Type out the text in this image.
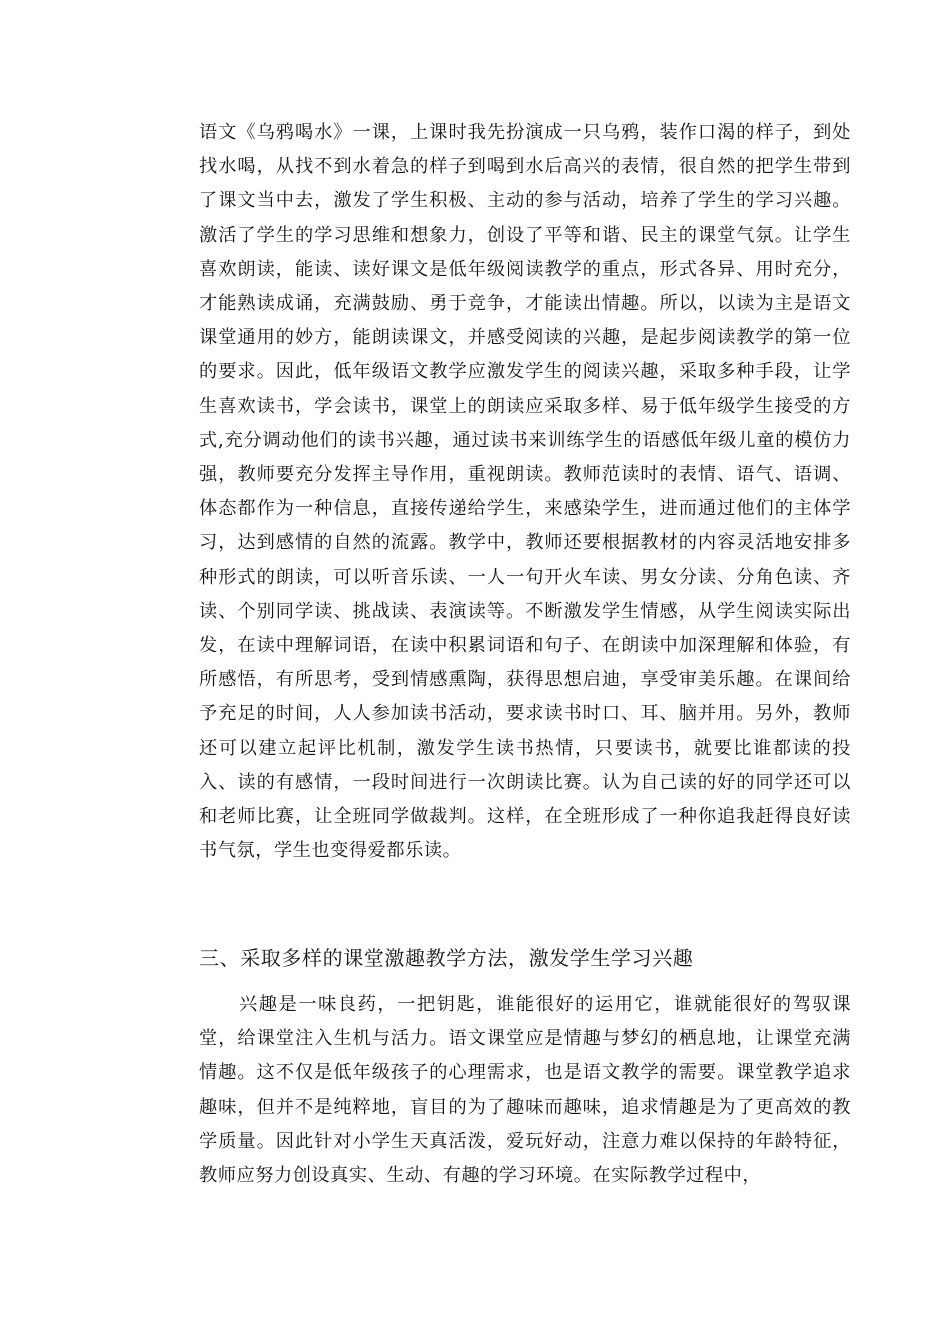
语文《乌鸦喝水》一课，上课时我先扮演成一只乌鸦，装作口渴的样子，到处找水喝，从找不到水着急的样子到喝到水后高兴的表情，很自然的把学生带到了课文当中去，激发了学生积极、主动的参与活动，培养了学生的学习兴趣。激活了学生的学习思维和想象力，创设了平等和谐、民主的课堂气氛。让学生喜欢朗读，能读、读好课文是低年级阅读教学的重点，形式各异、用时充分，才能熟读成诵，充满鼓励、勇于竞争，才能读出情趣。所以，以读为主是语文课堂通用的妙方，能朗读课文，并感受阅读的兴趣，是起步阅读教学的第一位的要求。因此，低年级语文教学应激发学生的阅读兴趣，采取多种手段，让学生喜欢读书，学会读书，课堂上的朗读应采取多样、易于低年级学生接受的方式,充分调动他们的读书兴趣，通过读书来训练学生的语感低年级儿童的模仿力强，教师要充分发挥主导作用，重视朗读。教师范读时的表情、语气、语调、体态都作为一种信息，直接传递给学生，来感染学生，进而通过他们的主体学习，达到感情的自然的流露。教学中，教师还要根据教材的内容灵活地安排多种形式的朗读，可以听音乐读、一人一句开火车读、男女分读、分角色读、齐读、个别同学读、挑战读、表演读等。不断激发学生情感，从学生阅读实际出发，在读中理解词语，在读中积累词语和句子、在朗读中加深理解和体验，有所感悟，有所思考，受到情感熏陶，获得思想启迪，享受审美乐趣。在课间给予充足的时间，人人参加读书活动，要求读书时口、耳、脑并用。另外，教师还可以建立起评比机制，激发学生读书热情，只要读书，就要比谁都读的投入、读的有感情，一段时间进行一次朗读比赛。认为自己读的好的同学还可以和老师比赛，让全班同学做裁判。这样，在全班形成了一种你追我赶得良好读书气氛，学生也变得爱都乐读。

三、采取多样的课堂激趣教学方法，激发学生学习兴趣

兴趣是一味良药，一把钥匙，谁能很好的运用它，谁就能很好的驾驭课堂，给课堂注入生机与活力。语文课堂应是情趣与梦幻的栖息地，让课堂充满情趣。这不仅是低年级孩子的心理需求，也是语文教学的需要。课堂教学追求趣味，但并不是纯粹地，盲目的为了趣味而趣味，追求情趣是为了更高效的教学质量。因此针对小学生天真活泼，爱玩好动，注意力难以保持的年龄特征，教师应努力创设真实、生动、有趣的学习环境。在实际教学过程中，
